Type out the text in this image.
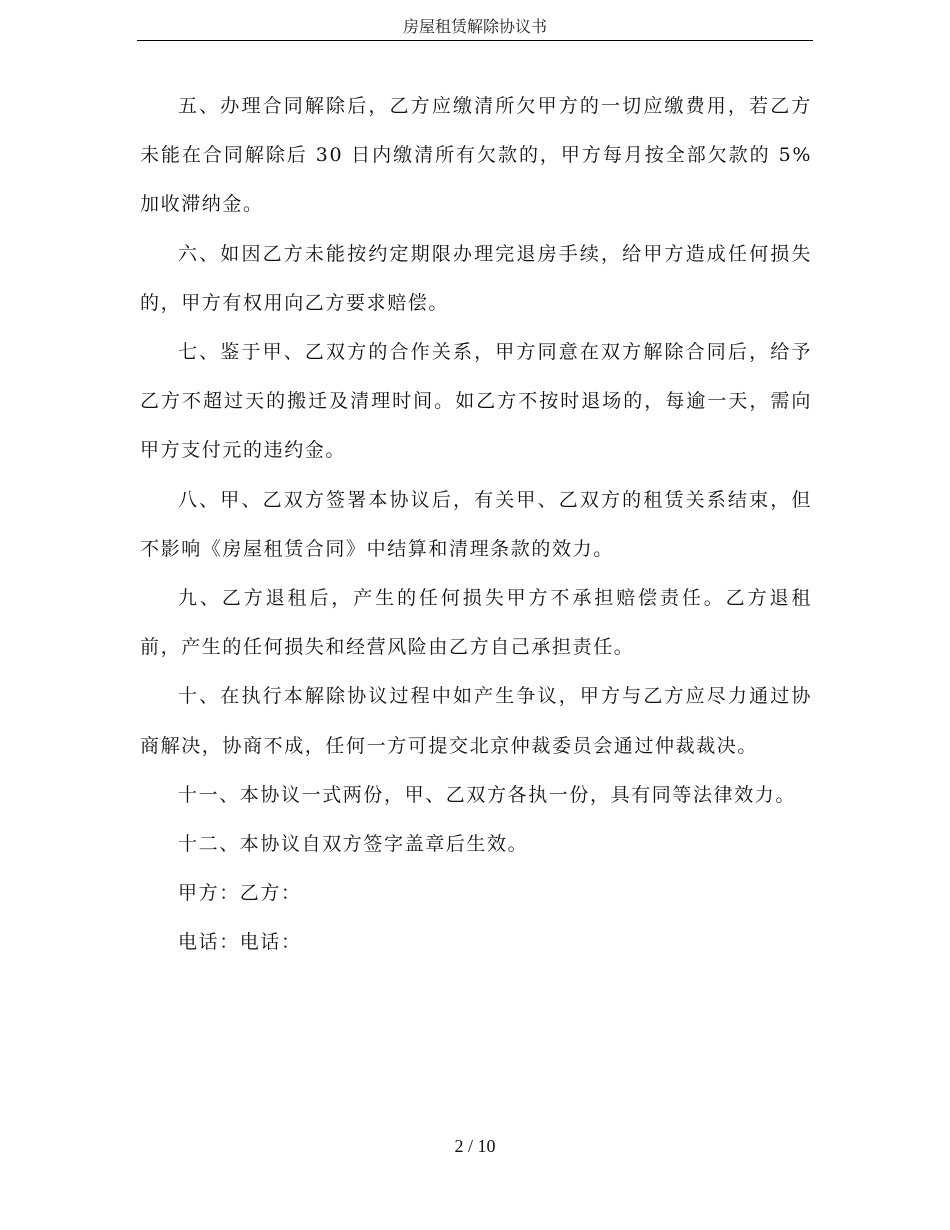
房屋租赁解除协议书

五、办理合同解除后，乙方应缴清所欠甲方的一切应缴费用，若乙方未能在合同解除后 30 日内缴清所有欠款的，甲方每月按全部欠款的 5%加收滞纳金。

六、如因乙方未能按约定期限办理完退房手续，给甲方造成任何损失的，甲方有权用向乙方要求赔偿。

七、鉴于甲、乙双方的合作关系，甲方同意在双方解除合同后，给予乙方不超过天的搬迁及清理时间。如乙方不按时退场的，每逾一天，需向甲方支付元的违约金。

八、甲、乙双方签署本协议后，有关甲、乙双方的租赁关系结束，但不影响《房屋租赁合同》中结算和清理条款的效力。

九、乙方退租后，产生的任何损失甲方不承担赔偿责任。乙方退租前，产生的任何损失和经营风险由乙方自己承担责任。

十、在执行本解除协议过程中如产生争议，甲方与乙方应尽力通过协商解决，协商不成，任何一方可提交北京仲裁委员会通过仲裁裁决。

十一、本协议一式两份，甲、乙双方各执一份，具有同等法律效力。

十二、本协议自双方签字盖章后生效。

甲方：乙方：

电话：电话：

2 / 10
